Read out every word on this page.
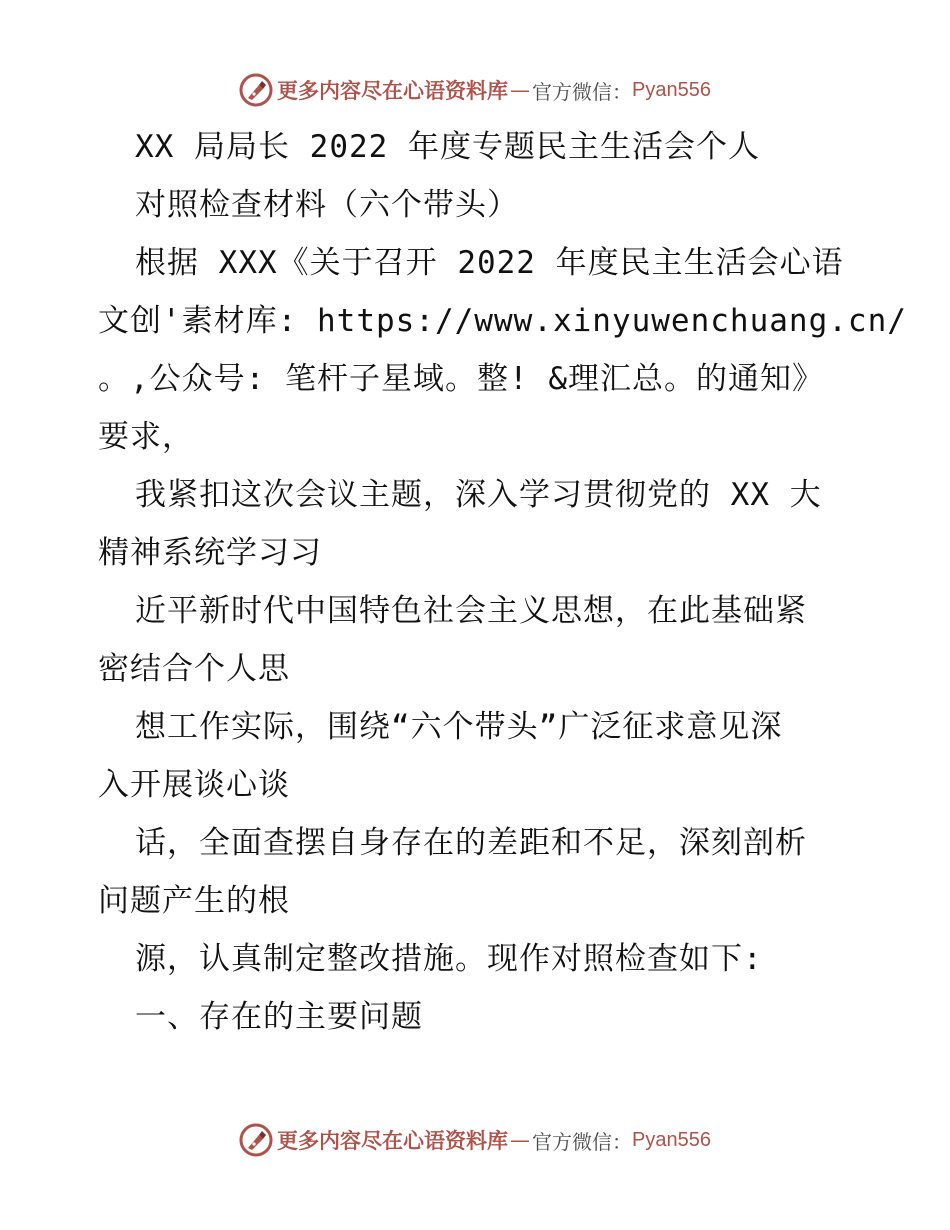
更多内容尽在心语资料库 — 官方微信： Pyan556
XX 局局长 2022 年度专题民主生活会个人
对照检查材料（六个带头）
根据 XXX《关于召开 2022 年度民主生活会心语
文创'素材库: https://www.xinyuwenchuang.cn/
。,公众号: 笔杆子星域。整! &理汇总。的通知》
要求，
我紧扣这次会议主题，深入学习贯彻党的 XX 大
精神系统学习习
近平新时代中国特色社会主义思想，在此基础紧
密结合个人思
想工作实际，围绕“六个带头”广泛征求意见深
入开展谈心谈
话，全面查摆自身存在的差距和不足，深刻剖析
问题产生的根
源，认真制定整改措施。现作对照检查如下:
一、存在的主要问题
更多内容尽在心语资料库 — 官方微信： Pyan556
